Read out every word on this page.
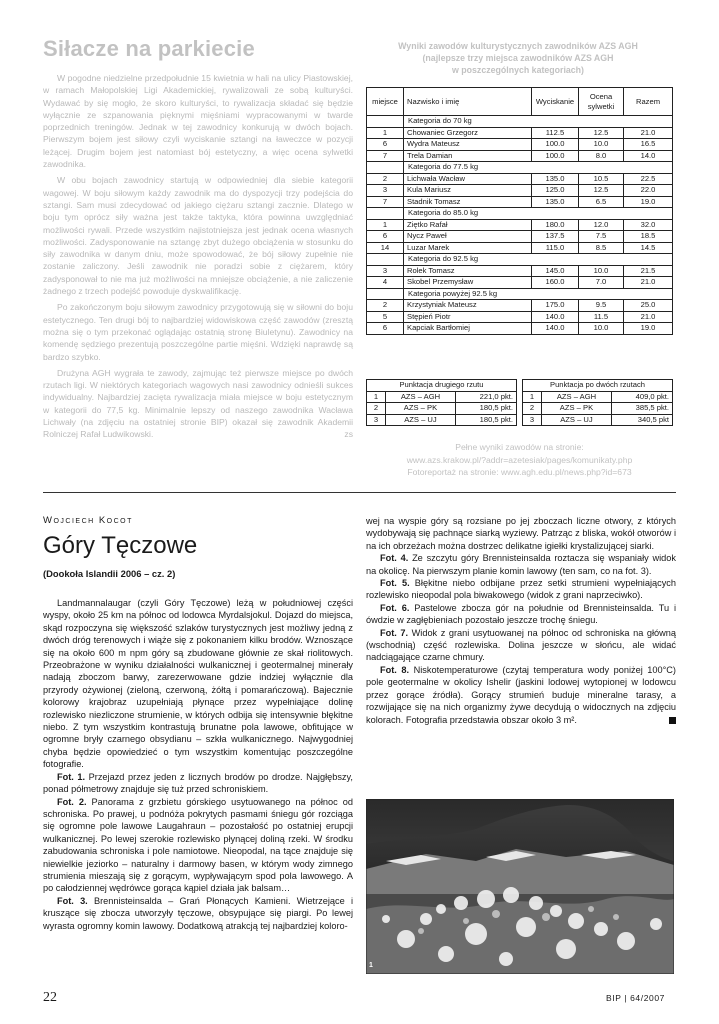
Siłacze na parkiecie

W pogodne niedzielne przedpołudnie 15 kwietnia w hali na ulicy Piastowskiej, w ramach Małopolskiej Ligi Akademickiej, rywalizowali ze sobą kulturyści. Wydawać by się mogło, że skoro kulturyści, to rywalizacja składać się będzie wyłącznie ze szpanowania pięknymi mięśniami wypracowanymi w twarde poprzednich treningów. Jednak w tej zawodnicy konkurują w dwóch bojach. Pierwszym bojem jest siłowy czyli wyciskanie sztangi na ławeczce w pozycji leżącej. Drugim bojem jest natomiast bój estetyczny, a więc ocena sylwetki zawodnika.

W obu bojach zawodnicy startują w odpowiedniej dla siebie kategorii wagowej. W boju siłowym każdy zawodnik ma do dyspozycji trzy podejścia do sztangi. Sam musi zdecydować od jakiego ciężaru sztangi zacznie. Dlatego w boju tym oprócz siły ważna jest także taktyka, która powinna uwzględniać możliwości rywali. Przede wszystkim najistotniejsza jest jednak ocena własnych możliwości. Zadysponowanie na sztangę zbyt dużego obciążenia w stosunku do siły zawodnika w danym dniu, może spowodować, że bój siłowy zupełnie nie zostanie zaliczony. Jeśli zawodnik nie poradzi sobie z ciężarem, który zadysponował to nie ma już możliwości na mniejsze obciążenie, a nie zaliczenie żadnego z trzech podejść powoduje dyskwalifikację.

Po zakończonym boju siłowym zawodnicy przygotowują się w siłowni do boju estetycznego. Ten drugi bój to najbardziej widowiskowa część zawodów (zresztą można się o tym przekonać oglądając ostatnią stronę Biuletynu). Zawodnicy na komendę sędziego prezentują poszczególne partie mięśni. Wdzięki naprawdę są bardzo szybko.

Drużyna AGH wygrała te zawody, zajmując też pierwsze miejsce po dwóch rzutach ligi. W niektórych kategoriach wagowych nasi zawodnicy odnieśli sukces indywidualny. Najbardziej zacięta rywalizacja miała miejsce w boju estetycznym w kategorii do 77,5 kg. Minimalnie lepszy od naszego zawodnika Wacława Lichwały (na zdjęciu na ostatniej stronie BIP) okazał się zawodnik Akademii Rolniczej Rafał Ludwikowski.	zs

Wyniki zawodów kulturystycznych zawodników AZS AGH
(najlepsze trzy miejsca zawodników AZS AGH
w poszczególnych kategoriach)
miejsce	Nazwisko i imię	Wyciskanie	Ocena sylwetki	Razem
	Kategoria do 70 kg			
1	Chowaniec Grzegorz	112.5	12.5	21.0
6	Wydra Mateusz	100.0	10.0	16.5
7	Trela Damian	100.0	8.0	14.0
	Kategoria do 77.5 kg			
2	Lichwała Wacław	135.0	10.5	22.5
3	Kula Mariusz	125.0	12.5	22.0
7	Stadnik Tomasz	135.0	6.5	19.0
	Kategoria do 85.0 kg			
1	Ziętko Rafał	180.0	12.0	32.0
6	Nycz Paweł	137.5	7.5	18.5
14	Luzar Marek	115.0	8.5	14.5
	Kategoria do 92.5 kg			
3	Rolek Tomasz	145.0	10.0	21.5
4	Skobel Przemysław	160.0	7.0	21.0
	Kategoria powyżej 92.5 kg			
2	Krzystyniak Mateusz	175.0	9.5	25.0
5	Stępień Piotr	140.0	11.5	21.0
6	Kapciak Bartłomiej	140.0	10.0	19.0
Punktacja drugiego rzutu		
1	AZS – AGH	221,0 pkt.
2	AZS – PK	180,5 pkt.
3	AZS – UJ	180,5 pkt.
Punktacja po dwóch rzutach		
1	AZS – AGH	409,0 pkt.
2	AZS – PK	385,5 pkt.
3	AZS – UJ	340,5 pkt
Pełne wyniki zawodów na stronie:
www.azs.krakow.pl/?addr=azetesiak/pages/komunikaty.php
Fotoreportaż na stronie: www.agh.edu.pl/news.php?id=673
Wojciech Kocot
Góry Tęczowe
(Dookoła Islandii 2006 – cz. 2)

Landmannalaugar (czyli Góry Tęczowe) leżą w południowej części wyspy, około 25 km na północ od lodowca Myrdalsjokul. Dojazd do miejsca, skąd rozpoczyna się większość szlaków turystycznych jest możliwy jedną z dwóch dróg terenowych i wiąże się z pokonaniem kilku brodów. Wznoszące się na około 600 m npm góry są zbudowane głównie ze skał riolitowych. Przeobrażone w wyniku działalności wulkanicznej i geotermalnej minerały nadają zboczom barwy, zarezerwowane gdzie indziej wyłącznie dla przyrody ożywionej (zieloną, czerwoną, żółtą i pomarańczową). Bajecznie kolorowy krajobraz uzupełniają płynące przez wypełniające dolinę rozlewisko niezliczone strumienie, w których odbija się intensywnie błękitne niebo. Z tym wszystkim kontrastują brunatne pola lawowe, obfitujące w ogromne bryły czarnego obsydianu – szkła wulkanicznego. Najwygodniej chyba będzie opowiedzieć o tym wszystkim komentując poszczególne fotografie.

Fot. 1. Przejazd przez jeden z licznych brodów po drodze. Najgłębszy, ponad półmetrowy znajduje się tuż przed schroniskiem.

Fot. 2. Panorama z grzbietu górskiego usytuowanego na północ od schroniska. Po prawej, u podnóża pokrytych pasmami śniegu gór rozciąga się ogromne pole lawowe Laugahraun – pozostałość po ostatniej erupcji wulkanicznej. Po lewej szerokie rozlewisko płynącej doliną rzeki. W środku zabudowania schroniska i pole namiotowe. Nieopodal, na tące znajduje się niewielkie jeziorko – naturalny i darmowy basen, w którym wody zimnego strumienia mieszają się z gorącym, wypływającym spod pola lawowego. A po całodziennej wędrówce gorąca kąpiel działa jak balsam…

Fot. 3. Brennisteinsalda – Grań Płonących Kamieni. Wietrzejące i kruszące się zbocza utworzyły tęczowe, obsypujące się piargi. Po lewej wyrasta ogromny komin lawowy. Dodatkową atrakcją tej najbardziej koloro-

wej na wyspie góry są rozsiane po jej zboczach liczne otwory, z których wydobywają się pachnące siarką wyziewy. Patrząc z bliska, wokół otworów i na ich obrzeżach można dostrzec delikatne igiełki krystalizującej siarki.

Fot. 4. Ze szczytu góry Brennisteinsalda roztacza się wspaniały widok na okolicę. Na pierwszym planie komin lawowy (ten sam, co na fot. 3).

Fot. 5. Błękitne niebo odbijane przez setki strumieni wypełniających rozlewisko nieopodal pola biwakowego (widok z grani naprzeciwko).

Fot. 6. Pastelowe zbocza gór na południe od Brennisteinsalda. Tu i ówdzie w zagłębieniach pozostało jeszcze trochę śniegu.

Fot. 7. Widok z grani usytuowanej na północ od schroniska na główną (wschodnią) część rozlewiska. Dolina jeszcze w słońcu, ale widać nadciągające czarne chmury.

Fot. 8. Niskotemperaturowe (czytaj temperatura wody poniżej 100°C) pole geotermalne w okolicy Ishelir (jaskini lodowej wytopionej w lodowcu przez gorące źródła). Gorący strumień buduje mineralne tarasy, a rozwijające się na nich organizmy żywe decydują o widocznych na zdjęciu kolorach. Fotografia przedstawia obszar około 3 m².

1
22	BIP | 64/2007
